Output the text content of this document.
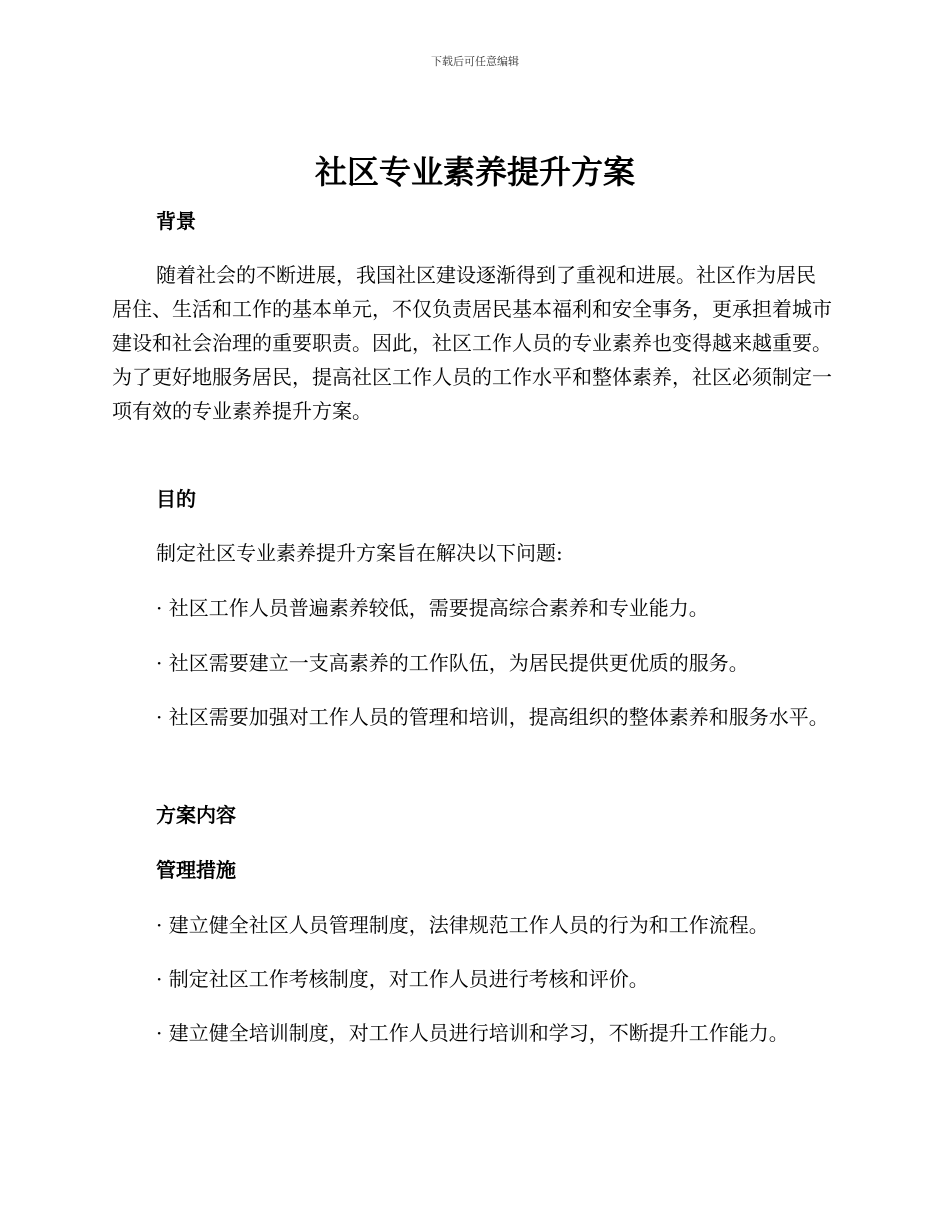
下载后可任意编辑
社区专业素养提升方案
背景

随着社会的不断进展，我国社区建设逐渐得到了重视和进展。社区作为居民居住、生活和工作的基本单元，不仅负责居民基本福利和安全事务，更承担着城市建设和社会治理的重要职责。因此，社区工作人员的专业素养也变得越来越重要。为了更好地服务居民，提高社区工作人员的工作水平和整体素养，社区必须制定一项有效的专业素养提升方案。

目的

制定社区专业素养提升方案旨在解决以下问题:

· 社区工作人员普遍素养较低，需要提高综合素养和专业能力。

· 社区需要建立一支高素养的工作队伍，为居民提供更优质的服务。

· 社区需要加强对工作人员的管理和培训，提高组织的整体素养和服务水平。

方案内容
管理措施

· 建立健全社区人员管理制度，法律规范工作人员的行为和工作流程。

· 制定社区工作考核制度，对工作人员进行考核和评价。

· 建立健全培训制度，对工作人员进行培训和学习，不断提升工作能力。
